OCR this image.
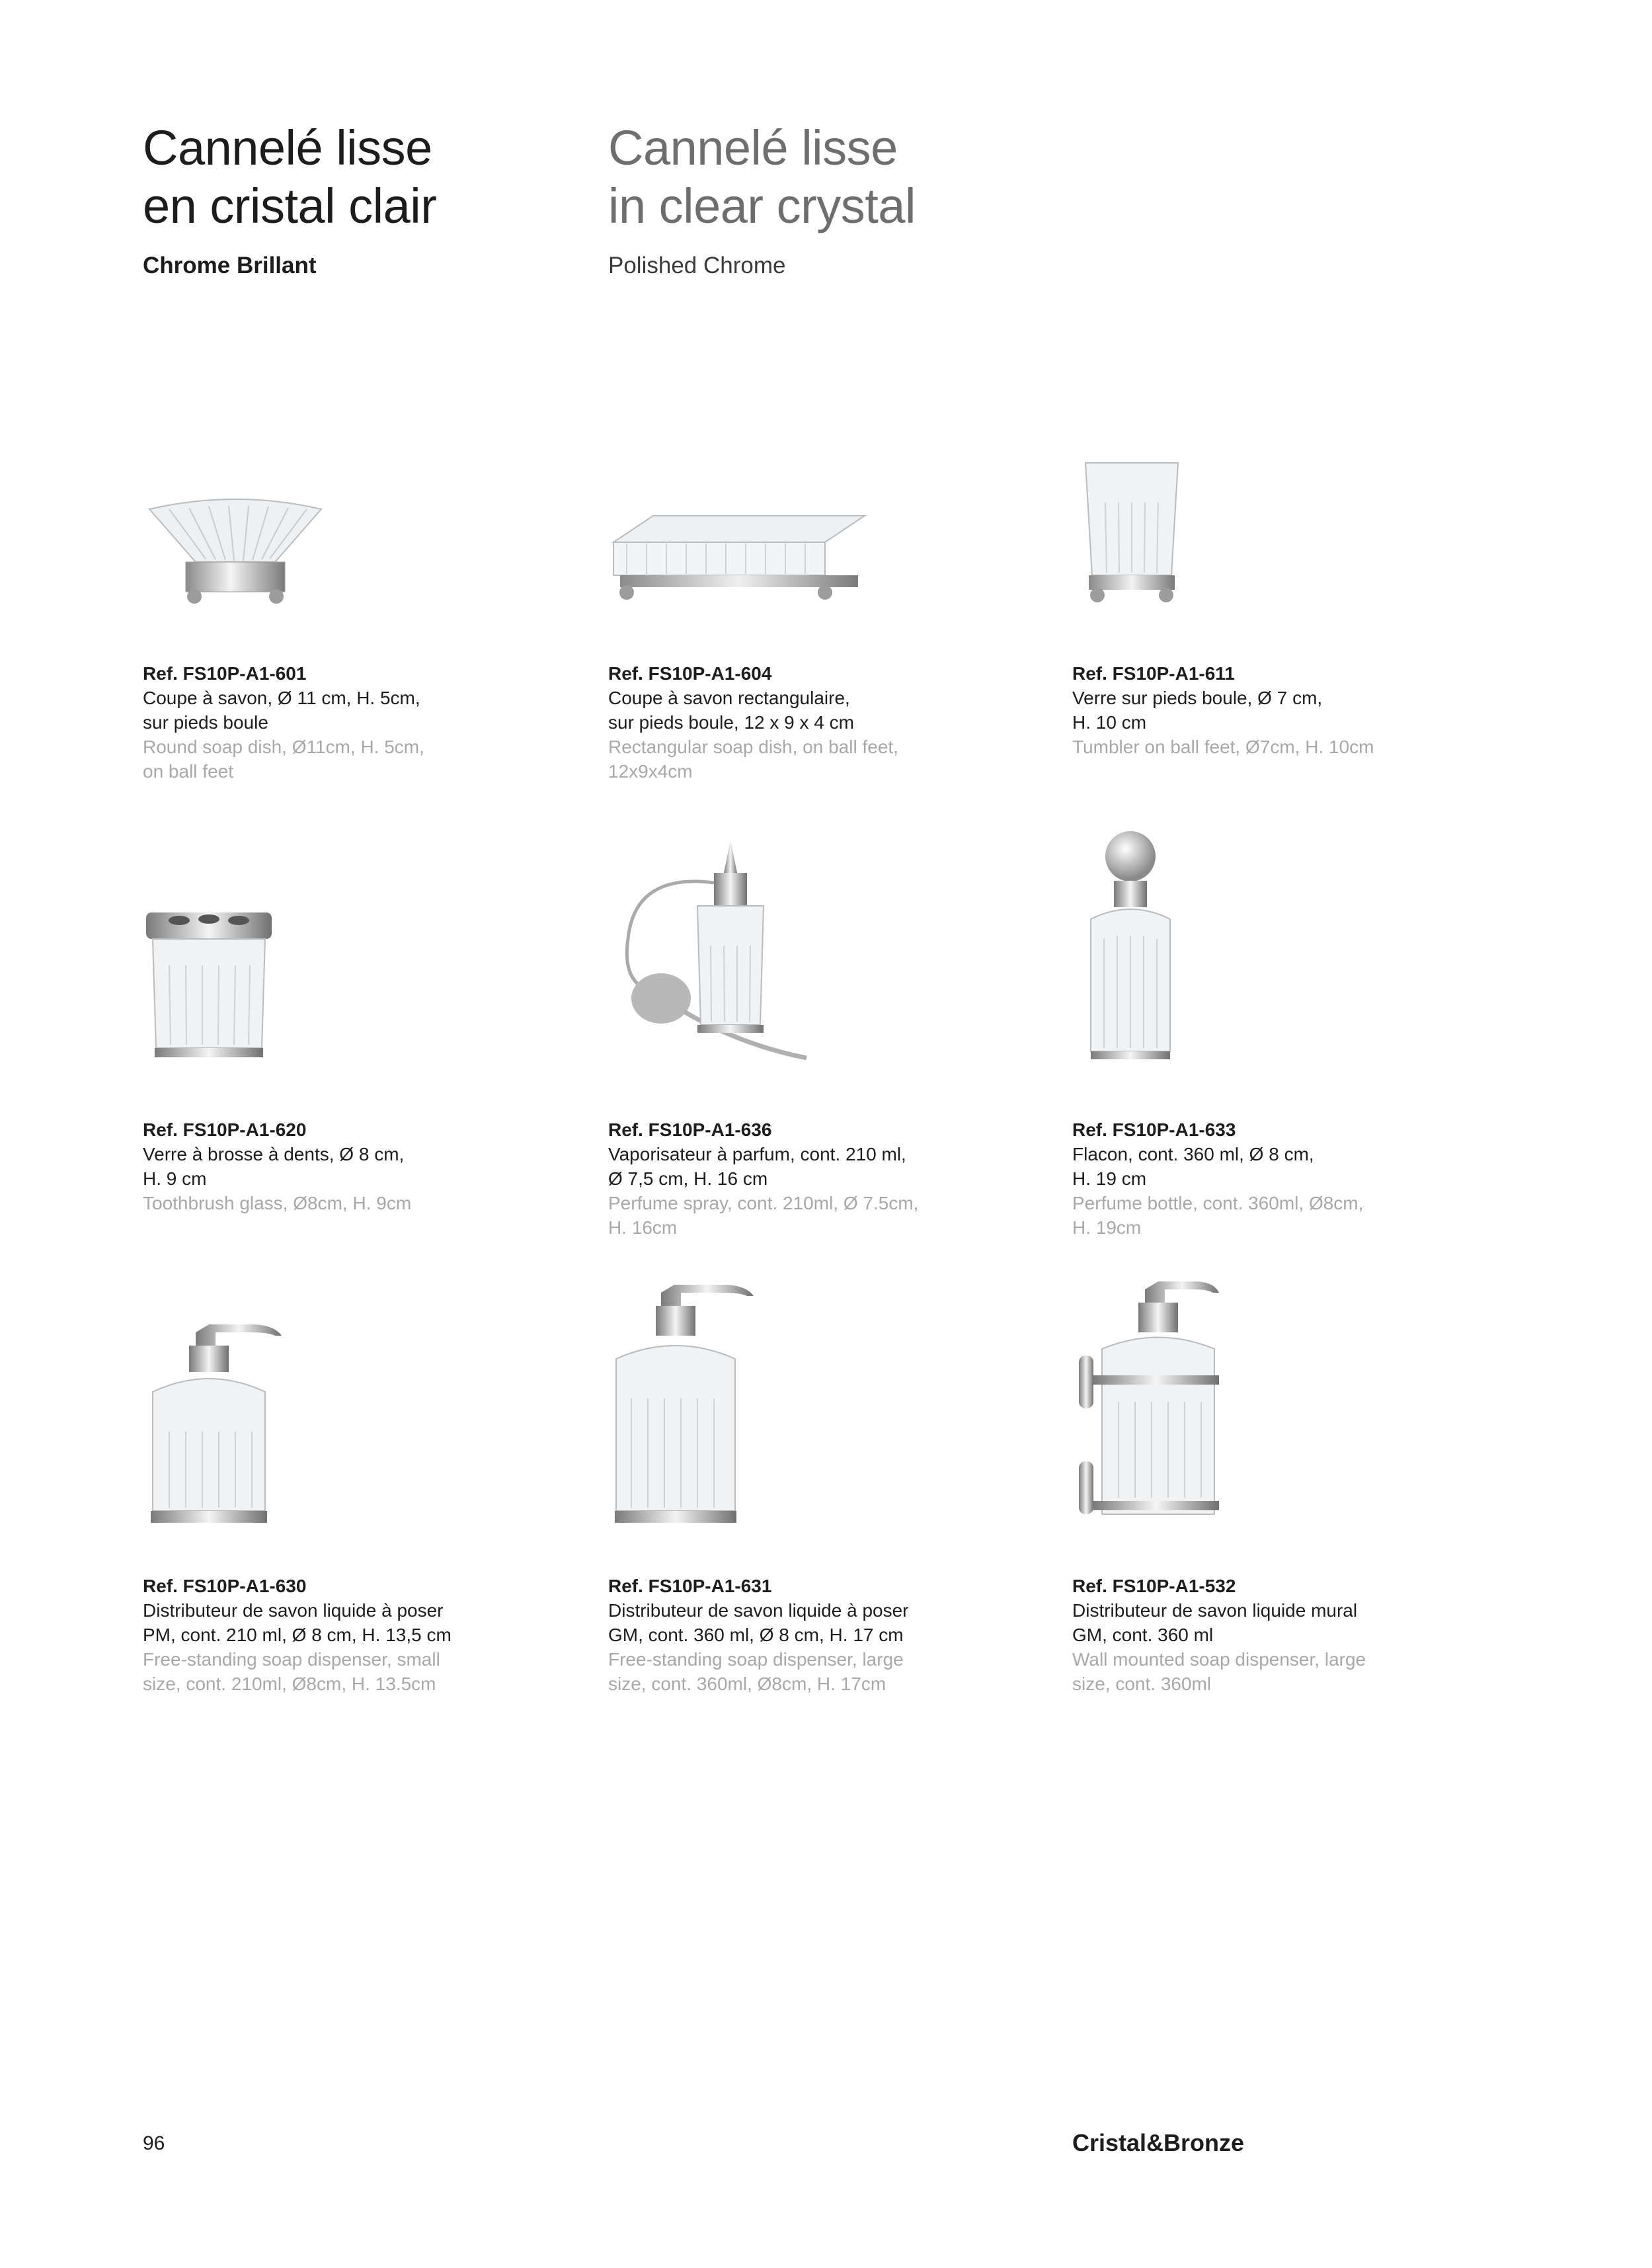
Cannelé lisse
en cristal clair
Cannelé lisse
in clear crystal
Chrome Brillant	Polished Chrome
Ref. FS10P-A1-601
Coupe à savon, Ø 11 cm, H. 5cm,
sur pieds boule
Round soap dish, Ø11cm, H. 5cm,
on ball feet
Ref. FS10P-A1-604
Coupe à savon rectangulaire,
sur pieds boule, 12 x 9 x 4 cm
Rectangular soap dish, on ball feet,
12x9x4cm
Ref. FS10P-A1-611
Verre sur pieds boule, Ø 7 cm,
H. 10 cm
Tumbler on ball feet, Ø7cm, H. 10cm
Ref. FS10P-A1-620
Verre à brosse à dents, Ø 8 cm,
H. 9 cm
Toothbrush glass, Ø8cm, H. 9cm
Ref. FS10P-A1-636
Vaporisateur à parfum, cont. 210 ml,
Ø 7,5 cm, H. 16 cm
Perfume spray, cont. 210ml, Ø 7.5cm,
H. 16cm
Ref. FS10P-A1-633
Flacon, cont. 360 ml, Ø 8 cm,
H. 19 cm
Perfume bottle, cont. 360ml, Ø8cm,
H. 19cm
Ref. FS10P-A1-630
Distributeur de savon liquide à poser
PM, cont. 210 ml, Ø 8 cm, H. 13,5 cm
Free-standing soap dispenser, small
size, cont. 210ml, Ø8cm, H. 13.5cm
Ref. FS10P-A1-631
Distributeur de savon liquide à poser
GM, cont. 360 ml, Ø 8 cm, H. 17 cm
Free-standing soap dispenser, large
size, cont. 360ml, Ø8cm, H. 17cm
Ref. FS10P-A1-532
Distributeur de savon liquide mural
GM, cont. 360 ml
Wall mounted soap dispenser, large
size, cont. 360ml
96	Cristal&Bronze
